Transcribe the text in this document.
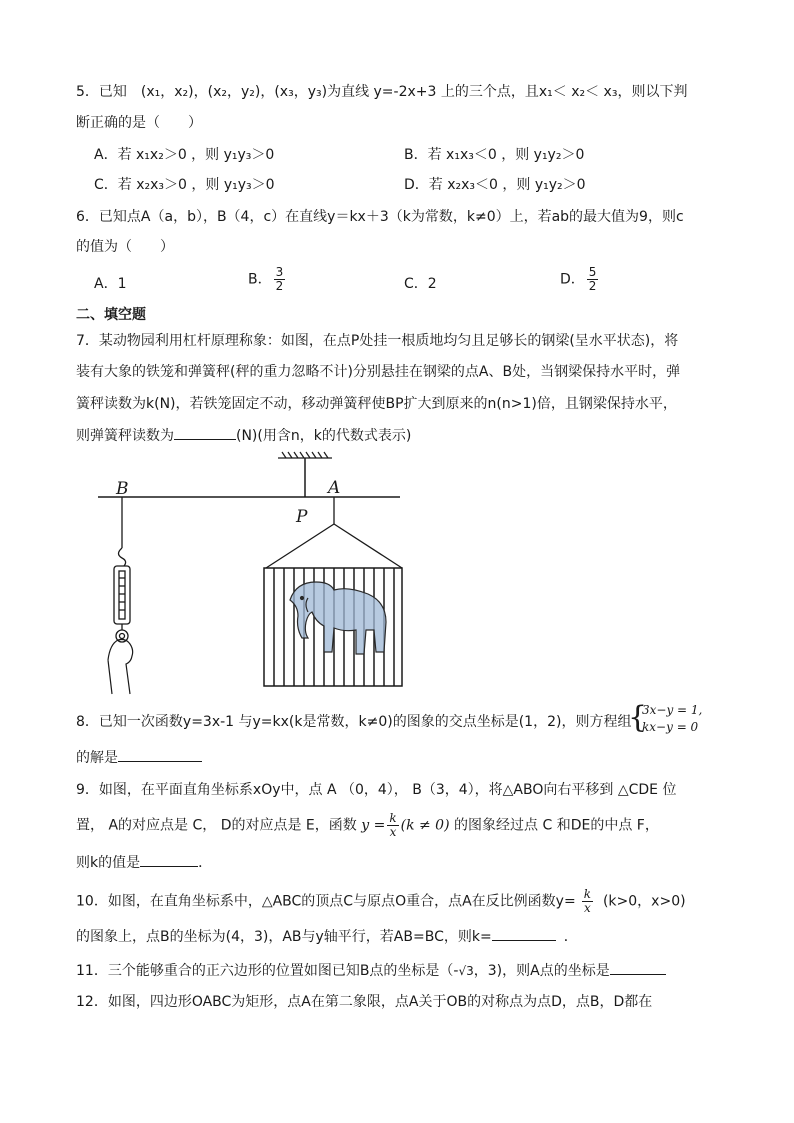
5．已知　(x₁，x₂)，(x₂，y₂)，(x₃，y₃)为直线 y=-2x+3 上的三个点，且x₁＜ x₂＜ x₃，则以下判
断正确的是（　　）
A．若 x₁x₂＞0 ，则 y₁y₃＞0	B．若 x₁x₃＜0 ，则 y₁y₂＞0
C．若 x₂x₃＞0 ，则 y₁y₃＞0	D．若 x₂x₃＜0 ，则 y₁y₂＞0
6．已知点A（a，b），B（4，c）在直线y＝kx＋3（k为常数，k≠0）上，若ab的最大值为9，则c
的值为（　　）
A．1	B． $\frac{3}{2}$	C．2	D． $\frac{5}{2}$
二、填空题
7．某动物园利用杠杆原理称象：如图，在点P处挂一根质地均匀且足够长的钢梁(呈水平状态)，将
装有大象的铁笼和弹簧秤(秤的重力忽略不计)分别悬挂在钢梁的点A、B处，当钢梁保持水平时，弹
簧秤读数为k(N)，若铁笼固定不动，移动弹簧秤使BP扩大到原来的n(n>1)倍，且钢梁保持水平，
则弹簧秤读数为	(N)(用含n，k的代数式表示)
B	A
P
8．已知一次函数y=3x-1 与y=kx(k是常数，k≠0)的图象的交点坐标是(1，2)，则方程组
{
3x−y = 1,
kx−y = 0
的解是
9．如图，在平面直角坐标系xOy中，点 A （0，4）， B（3，4），将△ABO向右平移到 △CDE 位
置， A的对应点是 C， D的对应点是 E，函数 $y = \frac{k}{x} (k \ne 0)$ 的图象经过点 C 和DE的中点 F，
则k的值是	．
10．如图，在直角坐标系中，△ABC的顶点C与原点O重合，点A在反比例函数$y= \frac{k}{x} (k>0$，x>0)
的图象上，点B的坐标为(4，3)，AB与y轴平行，若AB=BC，则k=	．
11．三个能够重合的正六边形的位置如图已知B点的坐标是（-√3，3)，则A点的坐标是
12．如图，四边形OABC为矩形，点A在第二象限，点A关于OB的对称点为点D，点B，D都在
